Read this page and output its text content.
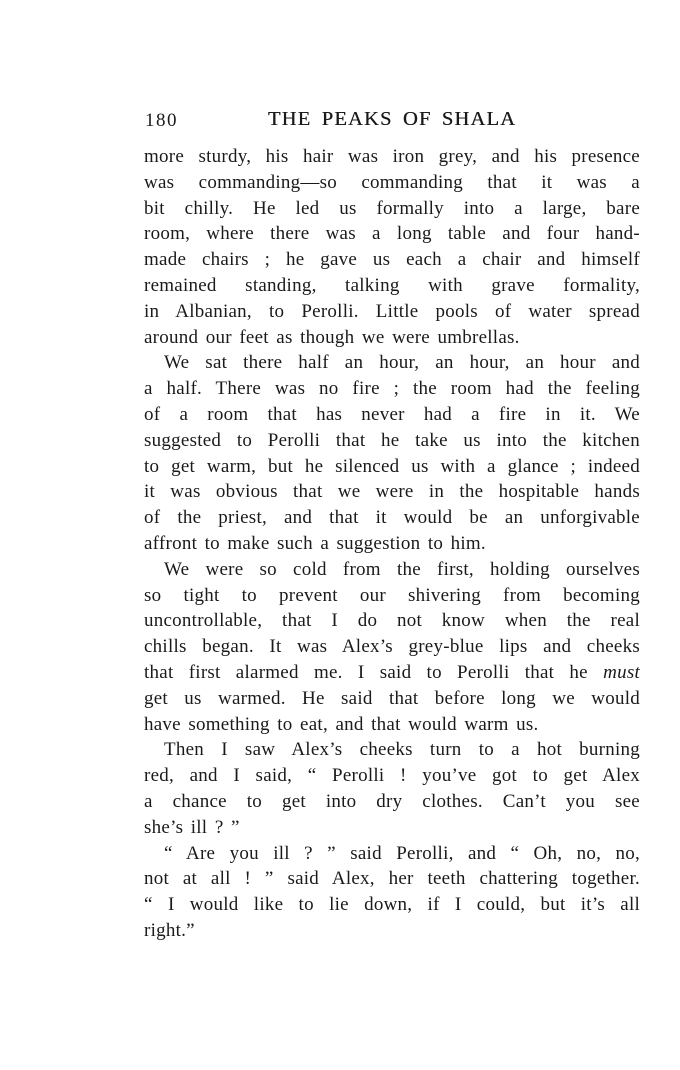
180	THE PEAKS OF SHALA
more sturdy, his hair was iron grey, and his presence
was commanding—so commanding that it was a
bit chilly. He led us formally into a large, bare
room, where there was a long table and four hand-
made chairs ; he gave us each a chair and himself
remained standing, talking with grave formality,
in Albanian, to Perolli. Little pools of water spread
around our feet as though we were umbrellas.
We sat there half an hour, an hour, an hour and
a half. There was no fire ; the room had the feeling
of a room that has never had a fire in it. We
suggested to Perolli that he take us into the kitchen
to get warm, but he silenced us with a glance ; indeed
it was obvious that we were in the hospitable hands
of the priest, and that it would be an unforgivable
affront to make such a suggestion to him.
We were so cold from the first, holding ourselves
so tight to prevent our shivering from becoming
uncontrollable, that I do not know when the real
chills began. It was Alex’s grey-blue lips and cheeks
that first alarmed me. I said to Perolli that he must
get us warmed. He said that before long we would
have something to eat, and that would warm us.
Then I saw Alex’s cheeks turn to a hot burning
red, and I said, “ Perolli ! you’ve got to get Alex
a chance to get into dry clothes. Can’t you see
she’s ill ? ”
“ Are you ill ? ” said Perolli, and “ Oh, no, no,
not at all ! ” said Alex, her teeth chattering together.
“ I would like to lie down, if I could, but it’s all
right.”
